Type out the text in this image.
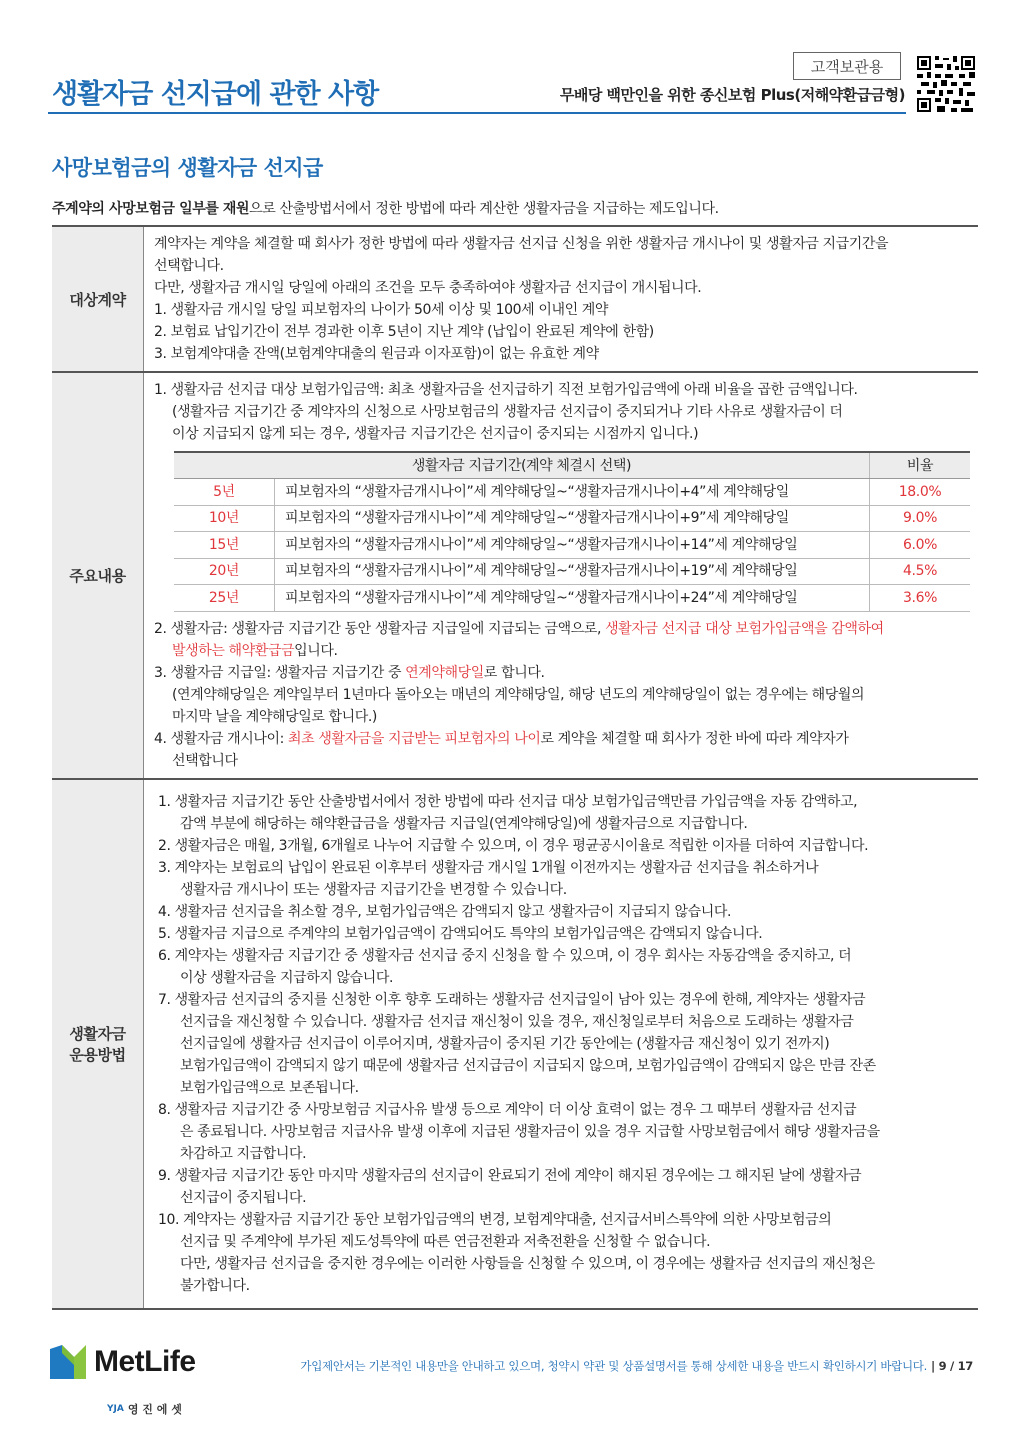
생활자금 선지급에 관한 사항
고객보관용
무배당 백만인을 위한 종신보험 Plus(저해약환급금형)
사망보험금의 생활자금 선지급
주계약의 사망보험금 일부를 재원으로 산출방법서에서 정한 방법에 따라 계산한 생활자금을 지급하는 제도입니다.
대상계약	
계약자는 계약을 체결할 때 회사가 정한 방법에 따라 생활자금 선지급 신청을 위한 생활자금 개시나이 및 생활자금 지급기간을
선택합니다.
다만, 생활자금 개시일 당일에 아래의 조건을 모두 충족하여야 생활자금 선지급이 개시됩니다.
1. 생활자금 개시일 당일 피보험자의 나이가 50세 이상 및 100세 이내인 계약
2. 보험료 납입기간이 전부 경과한 이후 5년이 지난 계약 (납입이 완료된 계약에 한함)
3. 보험계약대출 잔액(보험계약대출의 원금과 이자포함)이 없는 유효한 계약

주요내용	
1. 생활자금 선지급 대상 보험가입금액: 최초 생활자금을 선지급하기 직전 보험가입금액에 아래 비율을 곱한 금액입니다.
(생활자금 지급기간 중 계약자의 신청으로 사망보험금의 생활자금 선지급이 중지되거나 기타 사유로 생활자금이 더
이상 지급되지 않게 되는 경우, 생활자금 지급기간은 선지급이 중지되는 시점까지 입니다.)
생활자금 지급기간(계약 체결시 선택)	비율
5년	피보험자의 “생활자금개시나이”세 계약해당일~“생활자금개시나이+4”세 계약해당일	18.0%
10년	피보험자의 “생활자금개시나이”세 계약해당일~“생활자금개시나이+9”세 계약해당일	9.0%
15년	피보험자의 “생활자금개시나이”세 계약해당일~“생활자금개시나이+14”세 계약해당일	6.0%
20년	피보험자의 “생활자금개시나이”세 계약해당일~“생활자금개시나이+19”세 계약해당일	4.5%
25년	피보험자의 “생활자금개시나이”세 계약해당일~“생활자금개시나이+24”세 계약해당일	3.6%
2. 생활자금: 생활자금 지급기간 동안 생활자금 지급일에 지급되는 금액으로, 생활자금 선지급 대상 보험가입금액을 감액하여
발생하는 해약환급금입니다.
3. 생활자금 지급일: 생활자금 지급기간 중 연계약해당일로 합니다.
(연계약해당일은 계약일부터 1년마다 돌아오는 매년의 계약해당일, 해당 년도의 계약해당일이 없는 경우에는 해당월의
마지막 날을 계약해당일로 합니다.)
4. 생활자금 개시나이: 최초 생활자금을 지급받는 피보험자의 나이로 계약을 체결할 때 회사가 정한 바에 따라 계약자가
선택합니다

생활자금
운용방법

1. 생활자금 지급기간 동안 산출방법서에서 정한 방법에 따라 선지급 대상 보험가입금액만큼 가입금액을 자동 감액하고,
감액 부분에 해당하는 해약환급금을 생활자금 지급일(연계약해당일)에 생활자금으로 지급합니다.
2. 생활자금은 매월, 3개월, 6개월로 나누어 지급할 수 있으며, 이 경우 평균공시이율로 적립한 이자를 더하여 지급합니다.
3. 계약자는 보험료의 납입이 완료된 이후부터 생활자금 개시일 1개월 이전까지는 생활자금 선지급을 취소하거나
생활자금 개시나이 또는 생활자금 지급기간을 변경할 수 있습니다.
4. 생활자금 선지급을 취소할 경우, 보험가입금액은 감액되지 않고 생활자금이 지급되지 않습니다.
5. 생활자금 지급으로 주계약의 보험가입금액이 감액되어도 특약의 보험가입금액은 감액되지 않습니다.
6. 계약자는 생활자금 지급기간 중 생활자금 선지급 중지 신청을 할 수 있으며, 이 경우 회사는 자동감액을 중지하고, 더
이상 생활자금을 지급하지 않습니다.
7. 생활자금 선지급의 중지를 신청한 이후 향후 도래하는 생활자금 선지급일이 남아 있는 경우에 한해, 계약자는 생활자금
선지급을 재신청할 수 있습니다. 생활자금 선지급 재신청이 있을 경우, 재신청일로부터 처음으로 도래하는 생활자금
선지급일에 생활자금 선지급이 이루어지며, 생활자금이 중지된 기간 동안에는 (생활자금 재신청이 있기 전까지)
보험가입금액이 감액되지 않기 때문에 생활자금 선지급금이 지급되지 않으며, 보험가입금액이 감액되지 않은 만큼 잔존
보험가입금액으로 보존됩니다.
8. 생활자금 지급기간 중 사망보험금 지급사유 발생 등으로 계약이 더 이상 효력이 없는 경우 그 때부터 생활자금 선지급
은 종료됩니다. 사망보험금 지급사유 발생 이후에 지급된 생활자금이 있을 경우 지급할 사망보험금에서 해당 생활자금을
차감하고 지급합니다.
9. 생활자금 지급기간 동안 마지막 생활자금의 선지급이 완료되기 전에 계약이 해지된 경우에는 그 해지된 날에 생활자금
선지급이 중지됩니다.
10. 계약자는 생활자금 지급기간 동안 보험가입금액의 변경, 보험계약대출, 선지급서비스특약에 의한 사망보험금의
선지급 및 주계약에 부가된 제도성특약에 따른 연금전환과 저축전환을 신청할 수 없습니다.
다만, 생활자금 선지급을 중지한 경우에는 이러한 사항들을 신청할 수 있으며, 이 경우에는 생활자금 선지급의 재신청은
불가합니다.
MetLife
YJA 영 진 에 셋
가입제안서는 기본적인 내용만을 안내하고 있으며, 청약시 약관 및 상품설명서를 통해 상세한 내용을 반드시 확인하시기 바랍니다. | 9 / 17
